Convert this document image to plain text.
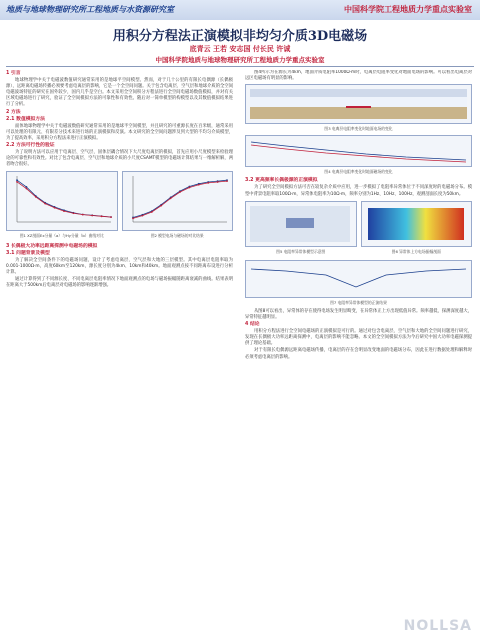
地质与地球物理研究所工程地质与水资源研究室	中国科学院工程地质力学重点实验室
用积分方程法正演模拟非均匀介质3D电磁场
底青云 王若 安志国 付长民 许诚
中国科学院地质与地球物理研究所工程地质力学重点实验室
1 引言

地球物理学中关于电磁波数值研究通常采用的是地球平空间模型。然而，对于几十公里的有限长电偶源（长偶极源），远距离电磁场传播必须要考虑电离层的影响，它是一个全空间问题。关于包含电离层、空气层和地球介质的全空间电磁波场特征的研究在国外较少，国内几乎是空白。本文采用全空间积分方程法进行全空间电磁场数值模拟，并对有关区域电磁场进行了研究，验证了全空间模拟方法的可靠性和有效性。随后对一简单模型的构模型以及其数值模拟结果进行了分析。

2 方法
2.1 数值模拟方法

面体地球物理学中关于电磁波数值研究通常采用的是地球半空间模型，并且研究的可重源长度在百米级，通常采用可以处理的有限元、有限差分技术来进行场的正演模拟和反演。本文研究的全空间问题涉及到大型的不均匀介质模型，为了提高效率，采用积分方程法来进行正演模拟。

2.2 方法可行性的验证

为了说明方法可以应用于电离层、空气层、固体层耦合情况下大尺度电离层的模拟，首先应用小尺度模型来检验理论的可靠性和有效性。对比了包含电离层、空气层和地球介质的小尺度CSAMT模型的电磁场计算结果与一维解析解，两者吻合很好。

图1 XZ剖面Ex分量（a）与Hy分量（b）曲线对比	图2 模型电场与磁场的对比结果
3 长偶极大功率远距离探测中电磁场的模拟
3.1 问题背景及模型

为了解决全空间条件下的电磁场问题，设计了考虑电离层、空气层和大地的三层模型。其中电离层电阻率取为0.001-1000Ω·m，高度60km至120km，源长度分别为4km、10km和40km。地面观测点按不同距离布设进行分析计算。

通过计算得到了不同源长度、不同电离层电阻率情况下地面观测点的电场与磁场振幅随距离衰减的曲线。结果表明在距离大于500km后电离层对电磁场的影响逐渐增强。

图4所示为在源长为4km，地面介质电阻率1000Ω·m时，电离层电阻率变化对地面电场的影响。可以看出电离层对远区电磁场有明显的影响。

图3 电离层电阻率变化时地面电场的变化
图4 电离层电阻率变化时地面磁场的变化
3.2 更高频率长偶极源的正演模拟

为了研究全空间模拟方法可否在较复杂介质中应用，进一步模拟了电阻率异常体位于不同深度时的电磁场分布。模型中背景电阻率取100Ω·m，异常体电阻率为10Ω·m，频率分别为1Hz、10Hz、100Hz，观测剖面长度为50km。

图5 电阻率异常体模型示意图	图6 异常体上方电场振幅剖面
图7 电阻率异常体模型的正演结果

从图8可以看出，异常体的存在使得电场发生明显畸变，在异常体正上方出现低值异常。频率越低，探测深度越大，异常特征越明显。

4 结论

用积分方程法进行全空间电磁场的正演模拟是可行的。通过对包含电离层、空气层和大地的全空间问题进行研究，发现在长偶极大功率远距离探测中，电离层的影响不能忽略。本文的全空间模拟方法为今后研究中国大功率电磁探测提供了理论基础。

对于有限长电偶源远距离电磁场传播，电离层的存在会明显改变地面的电磁场分布，因此在进行数据处理和解释时必须考虑电离层的影响。

NOLLSA
